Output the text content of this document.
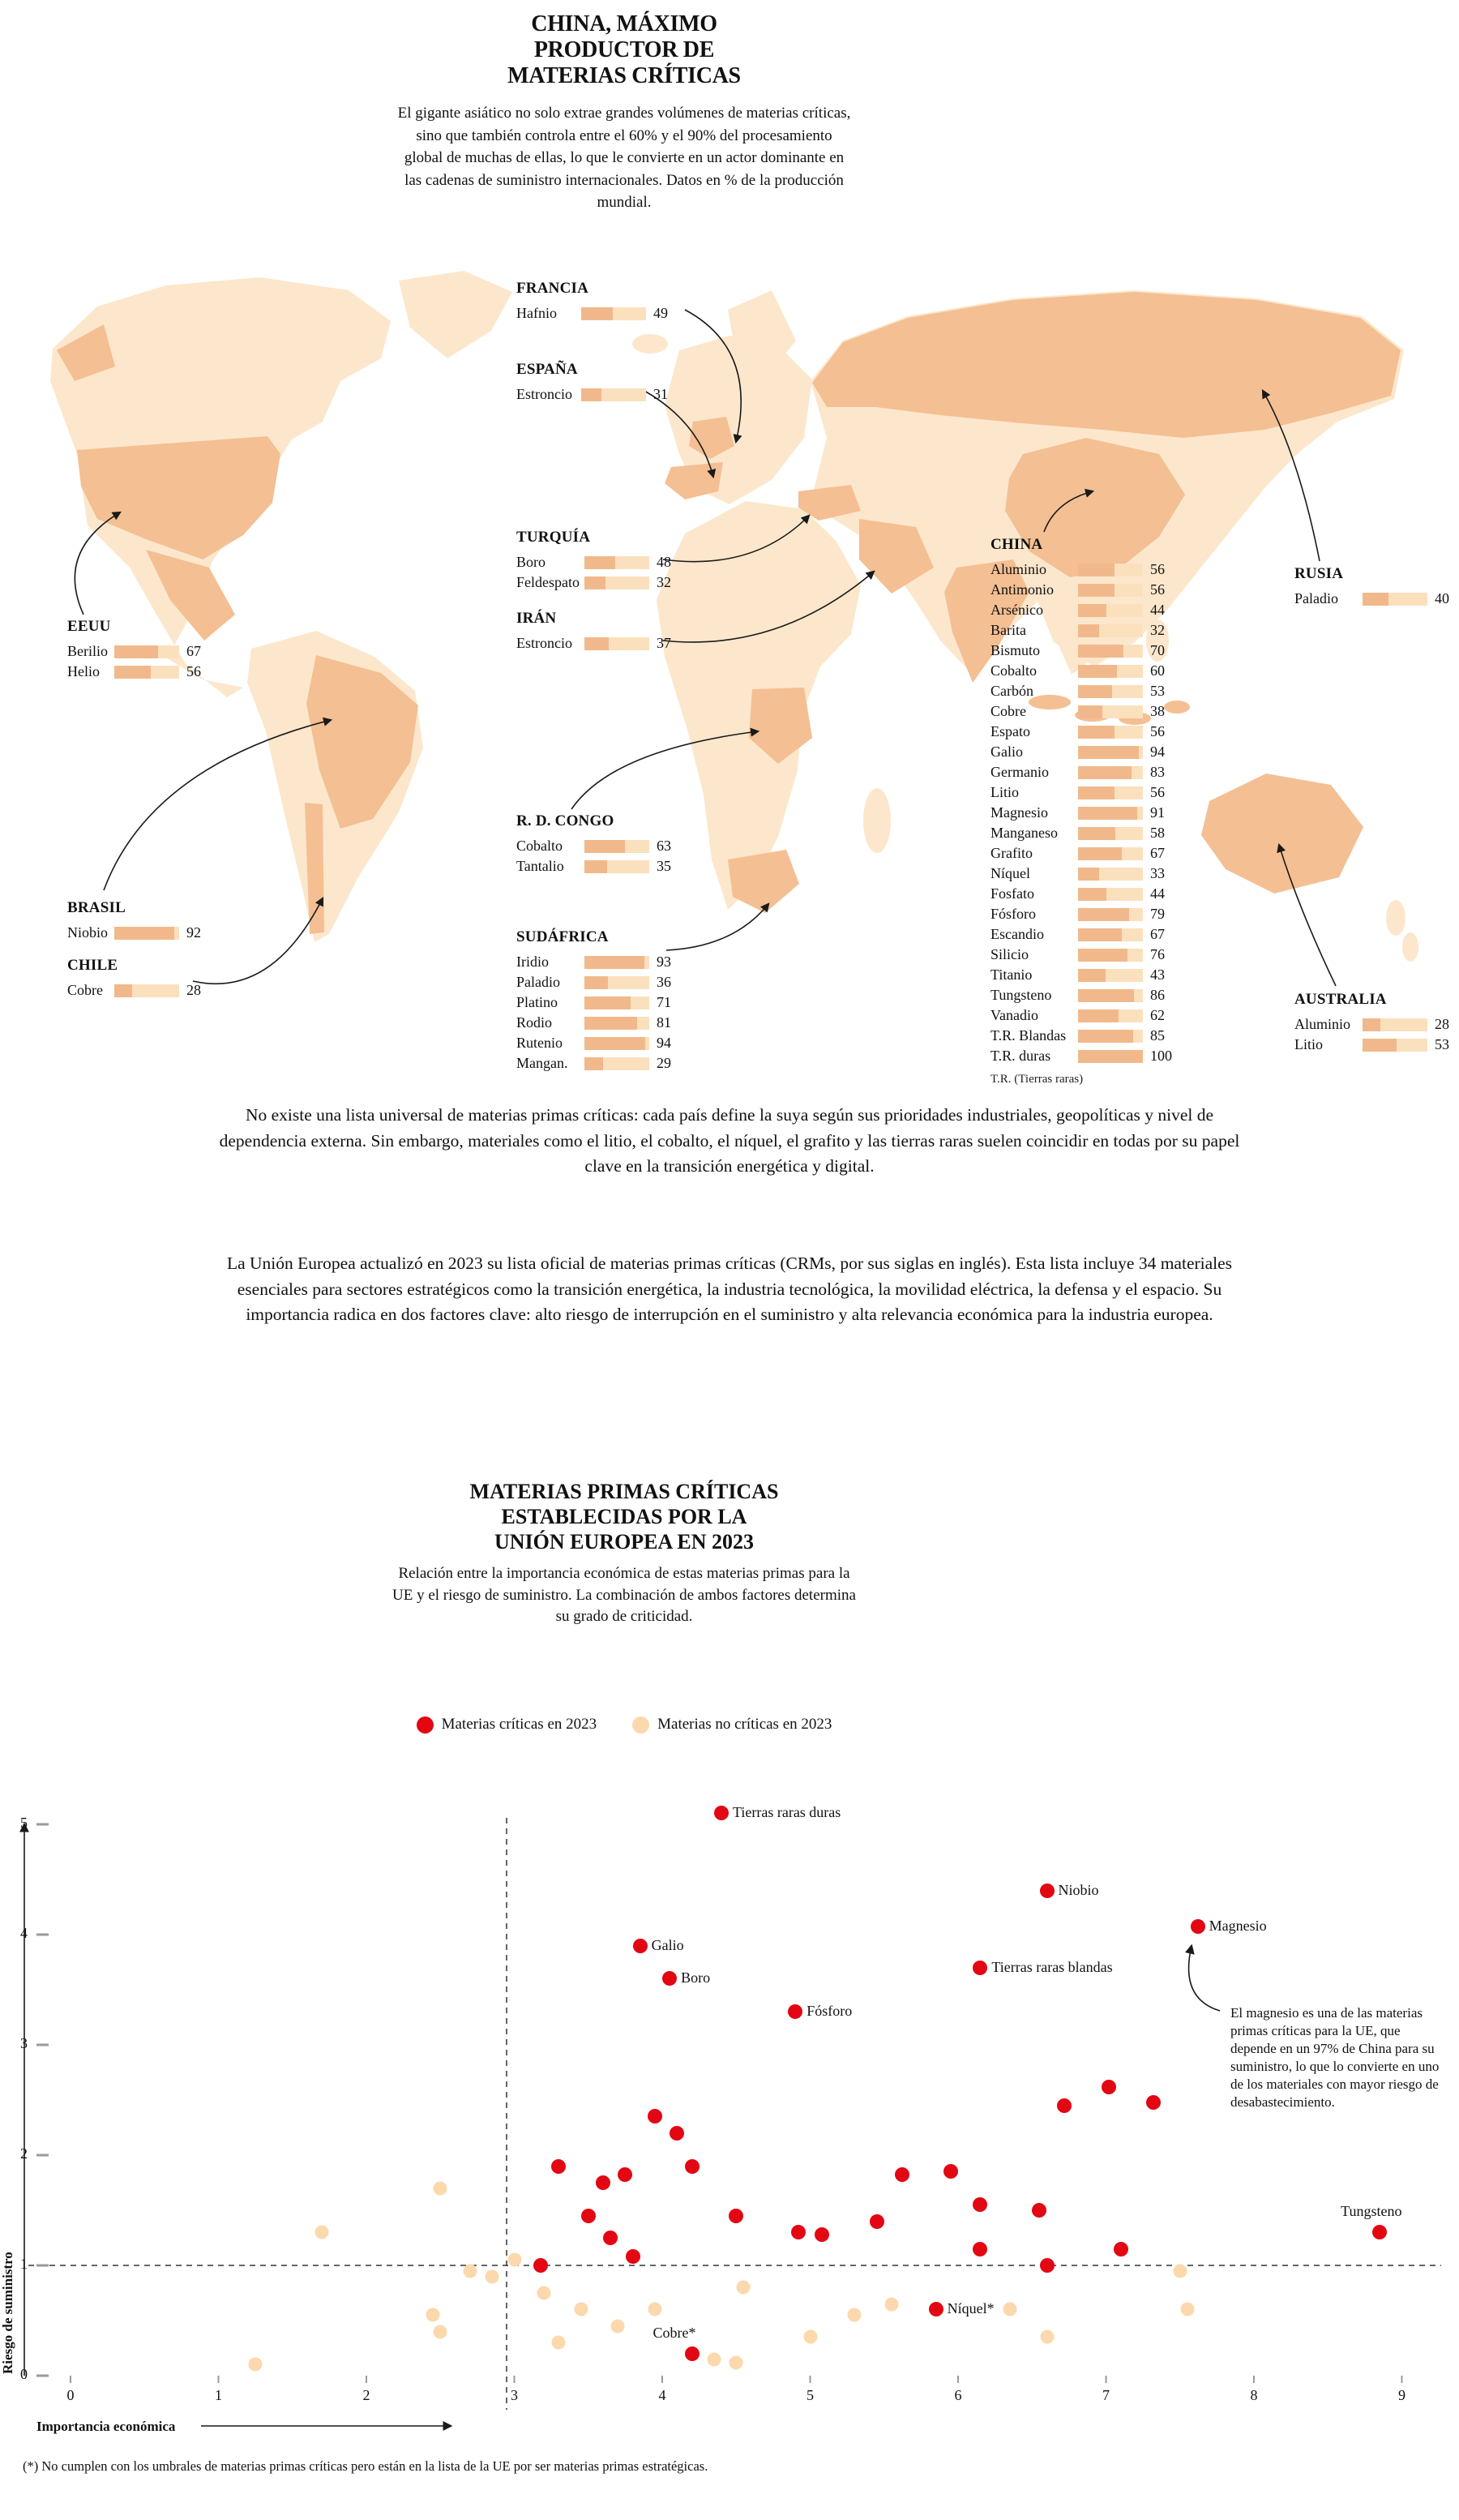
CHINA, MÁXIMO
PRODUCTOR DE
MATERIAS CRÍTICAS
El gigante asiático no solo extrae grandes volúmenes de materias críticas, sino que también controla entre el 60% y el 90% del procesamiento global de muchas de ellas, lo que le convierte en un actor dominante en las cadenas de suministro internacionales. Datos en % de la producción mundial.
FRANCIA
Hafnio	49
ESPAÑA
Estroncio	31
TURQUÍA
Boro	48
Feldespato	32
IRÁN
Estroncio	37
EEUU
Berilio	67
Helio	56
R. D. CONGO
Cobalto	63
Tantalio	35
BRASIL
Niobio	92
CHILE
Cobre	28
SUDÁFRICA
Iridio	93
Paladio	36
Platino	71
Rodio	81
Rutenio	94
Mangan.	29
CHINA
Aluminio	56
Antimonio	56
Arsénico	44
Barita	32
Bismuto	70
Cobalto	60
Carbón	53
Cobre	38
Espato	56
Galio	94
Germanio	83
Litio	56
Magnesio	91
Manganeso	58
Grafito	67
Níquel	33
Fosfato	44
Fósforo	79
Escandio	67
Silicio	76
Titanio	43
Tungsteno	86
Vanadio	62
T.R. Blandas	85
T.R. duras	100
T.R. (Tierras raras)
RUSIA
Paladio	40
AUSTRALIA
Aluminio	28
Litio	53
No existe una lista universal de materias primas críticas: cada país define la suya según sus prioridades industriales, geopolíticas y nivel de dependencia externa. Sin embargo, materiales como el litio, el cobalto, el níquel, el grafito y las tierras raras suelen coincidir en todas por su papel clave en la transición energética y digital.
La Unión Europea actualizó en 2023 su lista oficial de materias primas críticas (CRMs, por sus siglas en inglés). Esta lista incluye 34 materiales esenciales para sectores estratégicos como la transición energética, la industria tecnológica, la movilidad eléctrica, la defensa y el espacio. Su importancia radica en dos factores clave: alto riesgo de interrupción en el suministro y alta relevancia económica para la industria europea.
MATERIAS PRIMAS CRÍTICAS
ESTABLECIDAS POR LA
UNIÓN EUROPEA EN 2023
Relación entre la importancia económica de estas materias primas para la UE y el riesgo de suministro. La combinación de ambos factores determina su grado de criticidad.
Materias críticas en 2023	Materias no críticas en 2023
Importancia económica
Riesgo de suministro
El magnesio es una de las materias primas críticas para la UE, que depende en un 97% de China para su suministro, lo que lo convierte en uno de los materiales con mayor riesgo de desabastecimiento.
5
4
3
2
1
0
0	1	2	3	4	5	6	7	8	9
Tierras raras duras
Niobio
Magnesio
Galio
Boro
Tierras raras blandas
Fósforo
Tungsteno
Níquel*
Cobre*
(*) No cumplen con los umbrales de materias primas críticas pero están en la lista de la UE por ser materias primas estratégicas.
